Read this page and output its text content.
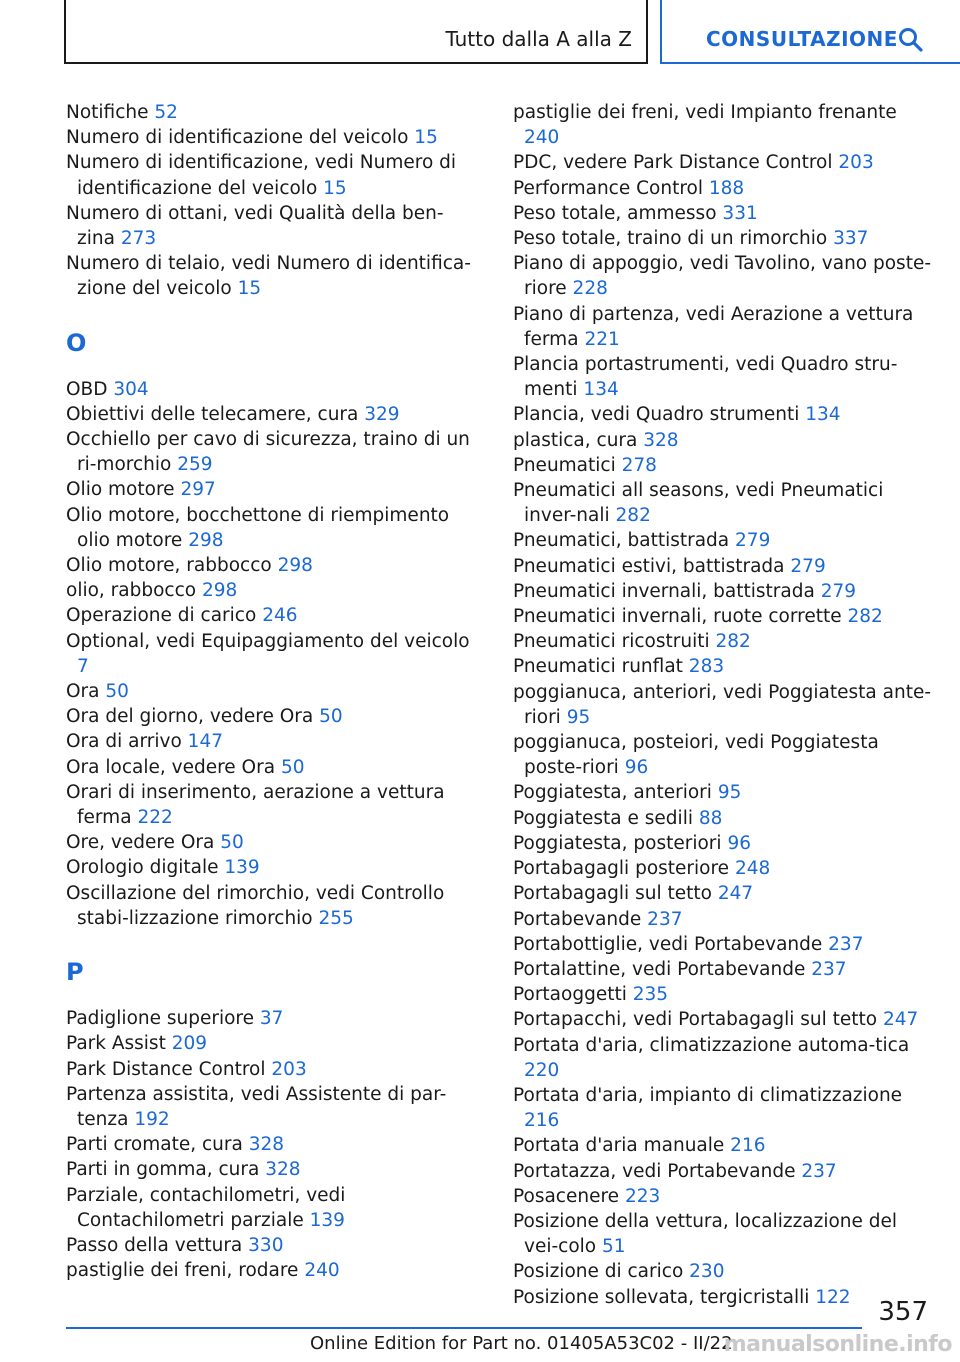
Tutto dalla A alla Z	CONSULTAZIONE
Notifiche 52
Numero di identificazione del veicolo 15
Numero di identificazione, vedi Numero di identificazione del veicolo 15
Numero di ottani, vedi Qualità della ben-zina 273
Numero di telaio, vedi Numero di identifica-zione del veicolo 15
O
OBD 304
Obiettivi delle telecamere, cura 329
Occhiello per cavo di sicurezza, traino di un ri-morchio 259
Olio motore 297
Olio motore, bocchettone di riempimento olio motore 298
Olio motore, rabbocco 298
olio, rabbocco 298
Operazione di carico 246
Optional, vedi Equipaggiamento del veicolo 7
Ora 50
Ora del giorno, vedere Ora 50
Ora di arrivo 147
Ora locale, vedere Ora 50
Orari di inserimento, aerazione a vettura ferma 222
Ore, vedere Ora 50
Orologio digitale 139
Oscillazione del rimorchio, vedi Controllo stabi-lizzazione rimorchio 255
P
Padiglione superiore 37
Park Assist 209
Park Distance Control 203
Partenza assistita, vedi Assistente di par-tenza 192
Parti cromate, cura 328
Parti in gomma, cura 328
Parziale, contachilometri, vedi Contachilometri parziale 139
Passo della vettura 330
pastiglie dei freni, rodare 240
pastiglie dei freni, vedi Impianto frenante 240
PDC, vedere Park Distance Control 203
Performance Control 188
Peso totale, ammesso 331
Peso totale, traino di un rimorchio 337
Piano di appoggio, vedi Tavolino, vano poste-riore 228
Piano di partenza, vedi Aerazione a vettura ferma 221
Plancia portastrumenti, vedi Quadro stru-menti 134
Plancia, vedi Quadro strumenti 134
plastica, cura 328
Pneumatici 278
Pneumatici all seasons, vedi Pneumatici inver-nali 282
Pneumatici, battistrada 279
Pneumatici estivi, battistrada 279
Pneumatici invernali, battistrada 279
Pneumatici invernali, ruote corrette 282
Pneumatici ricostruiti 282
Pneumatici runflat 283
poggianuca, anteriori, vedi Poggiatesta ante-riori 95
poggianuca, posteiori, vedi Poggiatesta poste-riori 96
Poggiatesta, anteriori 95
Poggiatesta e sedili 88
Poggiatesta, posteriori 96
Portabagagli posteriore 248
Portabagagli sul tetto 247
Portabevande 237
Portabottiglie, vedi Portabevande 237
Portalattine, vedi Portabevande 237
Portaoggetti 235
Portapacchi, vedi Portabagagli sul tetto 247
Portata d'aria, climatizzazione automa-tica 220
Portata d'aria, impianto di climatizzazione 216
Portata d'aria manuale 216
Portatazza, vedi Portabevande 237
Posacenere 223
Posizione della vettura, localizzazione del vei-colo 51
Posizione di carico 230
Posizione sollevata, tergicristalli 122	357
Online Edition for Part no. 01405A53C02 - II/22
manualsonline.info
